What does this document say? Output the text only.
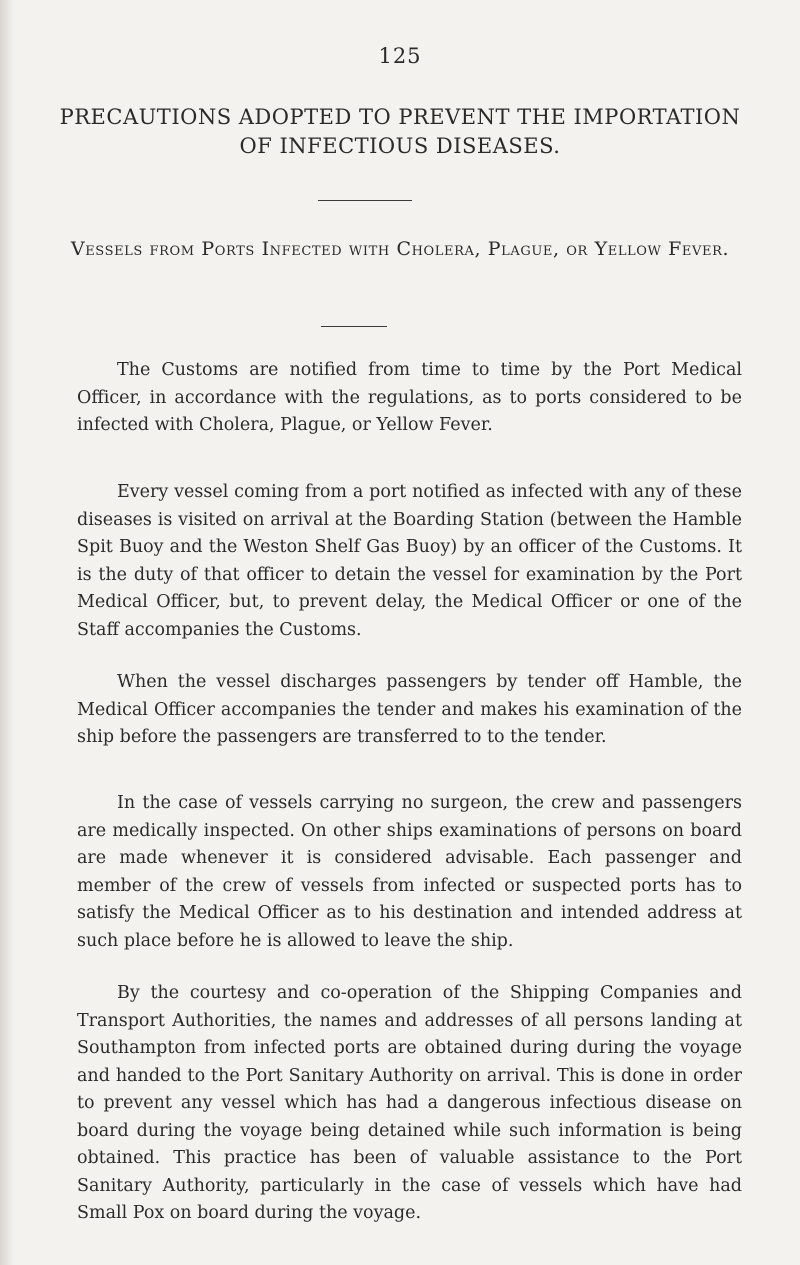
125
PRECAUTIONS ADOPTED TO PREVENT THE IMPORTATION OF INFECTIOUS DISEASES.
Vessels from Ports Infected with Cholera, Plague, or Yellow Fever.

The Customs are notified from time to time by the Port Medical Officer, in accordance with the regulations, as to ports considered to be infected with Cholera, Plague, or Yellow Fever.

Every vessel coming from a port notified as infected with any of these diseases is visited on arrival at the Boarding Station (between the Hamble Spit Buoy and the Weston Shelf Gas Buoy) by an officer of the Customs. It is the duty of that officer to detain the vessel for examination by the Port Medical Officer, but, to prevent delay, the Medical Officer or one of the Staff accompanies the Customs.

When the vessel discharges passengers by tender off Hamble, the Medical Officer accompanies the tender and makes his examination of the ship before the passengers are transferred to to the tender.

In the case of vessels carrying no surgeon, the crew and passengers are medically inspected. On other ships examinations of persons on board are made whenever it is considered advisable. Each passenger and member of the crew of vessels from infected or suspected ports has to satisfy the Medical Officer as to his destination and intended address at such place before he is allowed to leave the ship.

By the courtesy and co-operation of the Shipping Companies and Transport Authorities, the names and addresses of all persons landing at Southampton from infected ports are obtained during during the voyage and handed to the Port Sanitary Authority on arrival. This is done in order to prevent any vessel which has had a dangerous infectious disease on board during the voyage being detained while such information is being obtained. This practice has been of valuable assistance to the Port Sanitary Authority, particularly in the case of vessels which have had Small Pox on board during the voyage.
